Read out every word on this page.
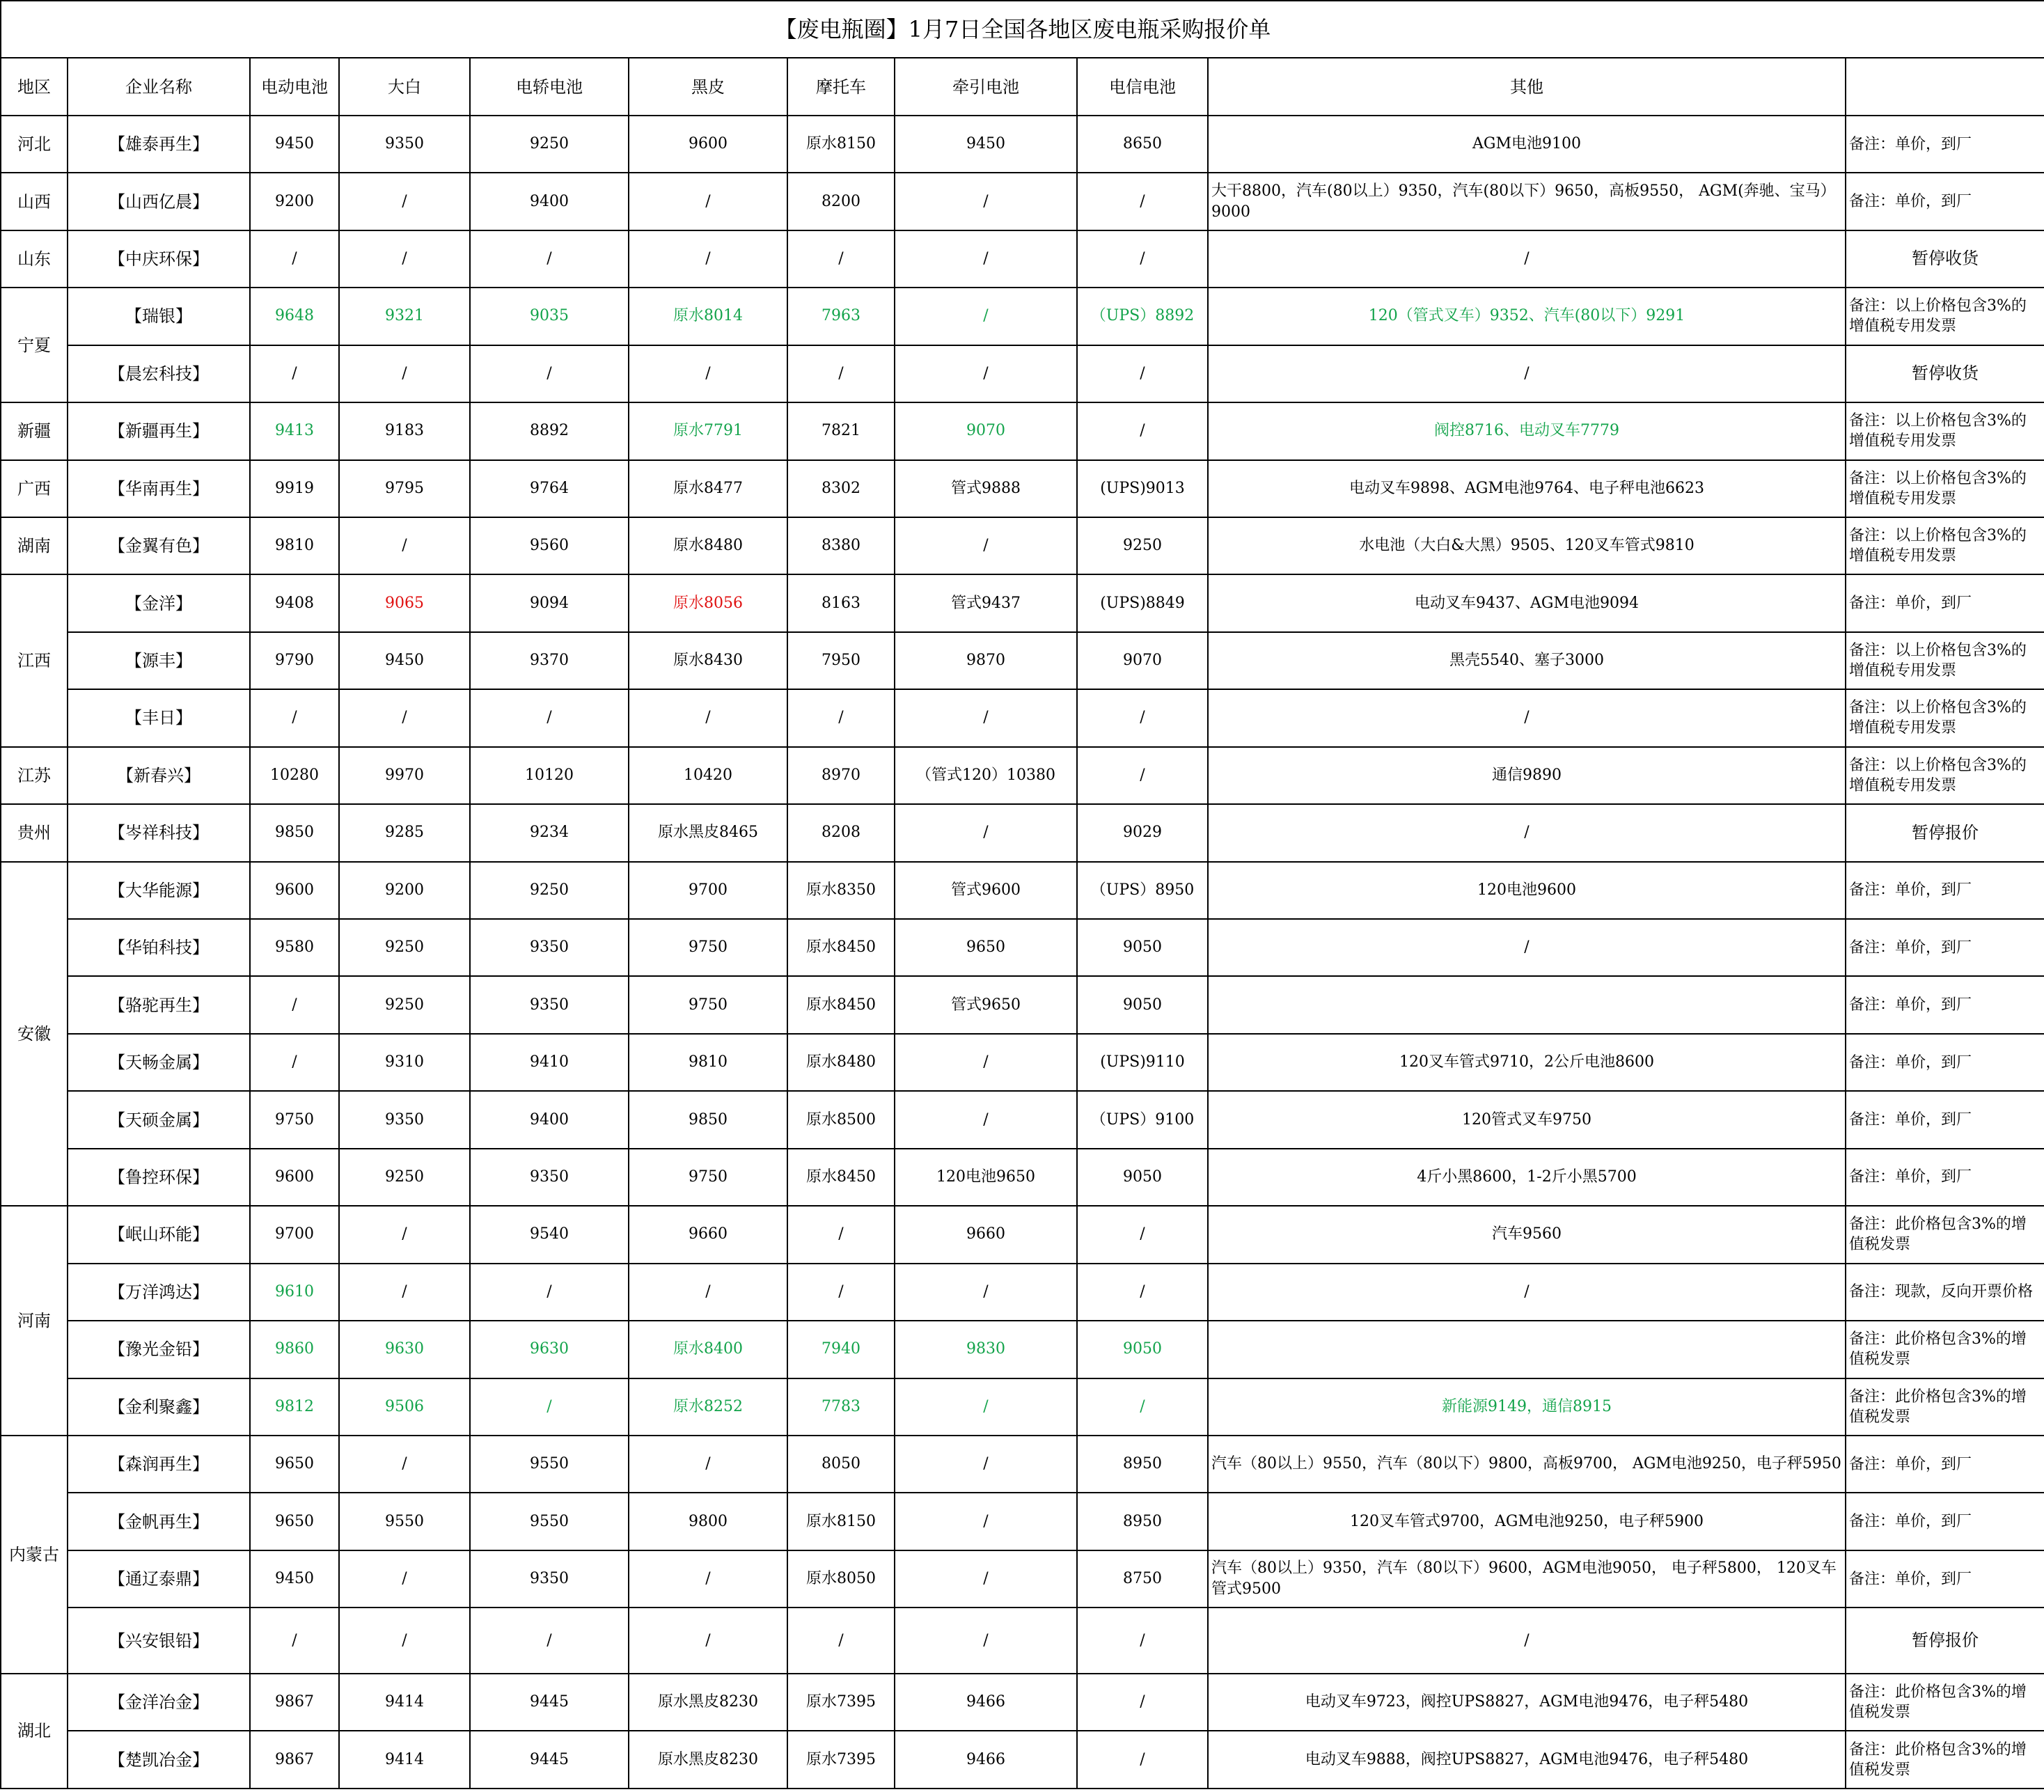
【废电瓶圈】1月7日全国各地区废电瓶采购报价单										
地区	企业名称	电动电池	大白	电轿电池	黑皮	摩托车	牵引电池	电信电池	其他	
河北	【雄泰再生】	9450	9350	9250	9600	原水8150	9450	8650	AGM电池9100	备注：单价，到厂
山西	【山西亿晨】	9200	/	9400	/	8200	/	/	大干8800，汽车(80以上）9350，汽车(80以下）9650，高板9550， AGM(奔驰、宝马）9000	备注：单价，到厂
山东	【中庆环保】	/	/	/	/	/	/	/	/	暂停收货
宁夏	【瑞银】	9648	9321	9035	原水8014	7963	/	（UPS）8892	120（管式叉车）9352、汽车(80以下）9291	备注：以上价格包含3%的增值税专用发票
	【晨宏科技】	/	/	/	/	/	/	/	/	暂停收货
新疆	【新疆再生】	9413	9183	8892	原水7791	7821	9070	/	阀控8716、电动叉车7779	备注：以上价格包含3%的增值税专用发票
广西	【华南再生】	9919	9795	9764	原水8477	8302	管式9888	(UPS)9013	电动叉车9898、AGM电池9764、电子秤电池6623	备注：以上价格包含3%的增值税专用发票
湖南	【金翼有色】	9810	/	9560	原水8480	8380	/	9250	水电池（大白&大黑）9505、120叉车管式9810	备注：以上价格包含3%的增值税专用发票
江西	【金洋】	9408	9065	9094	原水8056	8163	管式9437	(UPS)8849	电动叉车9437、AGM电池9094	备注：单价，到厂
	【源丰】	9790	9450	9370	原水8430	7950	9870	9070	黑壳5540、塞子3000	备注：以上价格包含3%的增值税专用发票
	【丰日】	/	/	/	/	/	/	/	/	备注：以上价格包含3%的增值税专用发票
江苏	【新春兴】	10280	9970	10120	10420	8970	（管式120）10380	/	通信9890	备注：以上价格包含3%的增值税专用发票
贵州	【岑祥科技】	9850	9285	9234	原水黑皮8465	8208	/	9029	/	暂停报价
安徽	【大华能源】	9600	9200	9250	9700	原水8350	管式9600	（UPS）8950	120电池9600	备注：单价，到厂
	【华铂科技】	9580	9250	9350	9750	原水8450	9650	9050	/	备注：单价，到厂
	【骆驼再生】	/	9250	9350	9750	原水8450	管式9650	9050		备注：单价，到厂
	【天畅金属】	/	9310	9410	9810	原水8480	/	(UPS)9110	120叉车管式9710，2公斤电池8600	备注：单价，到厂
	【天硕金属】	9750	9350	9400	9850	原水8500	/	（UPS）9100	120管式叉车9750	备注：单价，到厂
	【鲁控环保】	9600	9250	9350	9750	原水8450	120电池9650	9050	4斤小黑8600，1-2斤小黑5700	备注：单价，到厂
河南	【岷山环能】	9700	/	9540	9660	/	9660	/	汽车9560	备注：此价格包含3%的增值税发票
	【万洋鸿达】	9610	/	/	/	/	/	/	/	备注：现款，反向开票价格
	【豫光金铅】	9860	9630	9630	原水8400	7940	9830	9050		备注：此价格包含3%的增值税发票
	【金利聚鑫】	9812	9506	/	原水8252	7783	/	/	新能源9149，通信8915	备注：此价格包含3%的增值税发票
内蒙古	【森润再生】	9650	/	9550	/	8050	/	8950	汽车（80以上）9550，汽车（80以下）9800，高板9700， AGM电池9250，电子秤5950	备注：单价，到厂
	【金帆再生】	9650	9550	9550	9800	原水8150	/	8950	120叉车管式9700，AGM电池9250，电子秤5900	备注：单价，到厂
	【通辽泰鼎】	9450	/	9350	/	原水8050	/	8750	汽车（80以上）9350，汽车（80以下）9600，AGM电池9050， 电子秤5800， 120叉车管式9500	备注：单价，到厂
	【兴安银铅】	/	/	/	/	/	/	/	/	暂停报价
湖北	【金洋冶金】	9867	9414	9445	原水黑皮8230	原水7395	9466	/	电动叉车9723，阀控UPS8827，AGM电池9476，电子秤5480	备注：此价格包含3%的增值税发票
	【楚凯冶金】	9867	9414	9445	原水黑皮8230	原水7395	9466	/	电动叉车9888，阀控UPS8827，AGM电池9476，电子秤5480	备注：此价格包含3%的增值税发票
